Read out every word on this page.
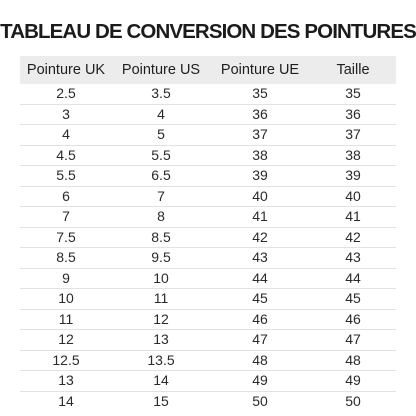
TABLEAU DE CONVERSION DES POINTURES
Pointure UK	Pointure US	Pointure UE	Taille
2.5	3.5	35	35
3	4	36	36
4	5	37	37
4.5	5.5	38	38
5.5	6.5	39	39
6	7	40	40
7	8	41	41
7.5	8.5	42	42
8.5	9.5	43	43
9	10	44	44
10	11	45	45
11	12	46	46
12	13	47	47
12.5	13.5	48	48
13	14	49	49
14	15	50	50
